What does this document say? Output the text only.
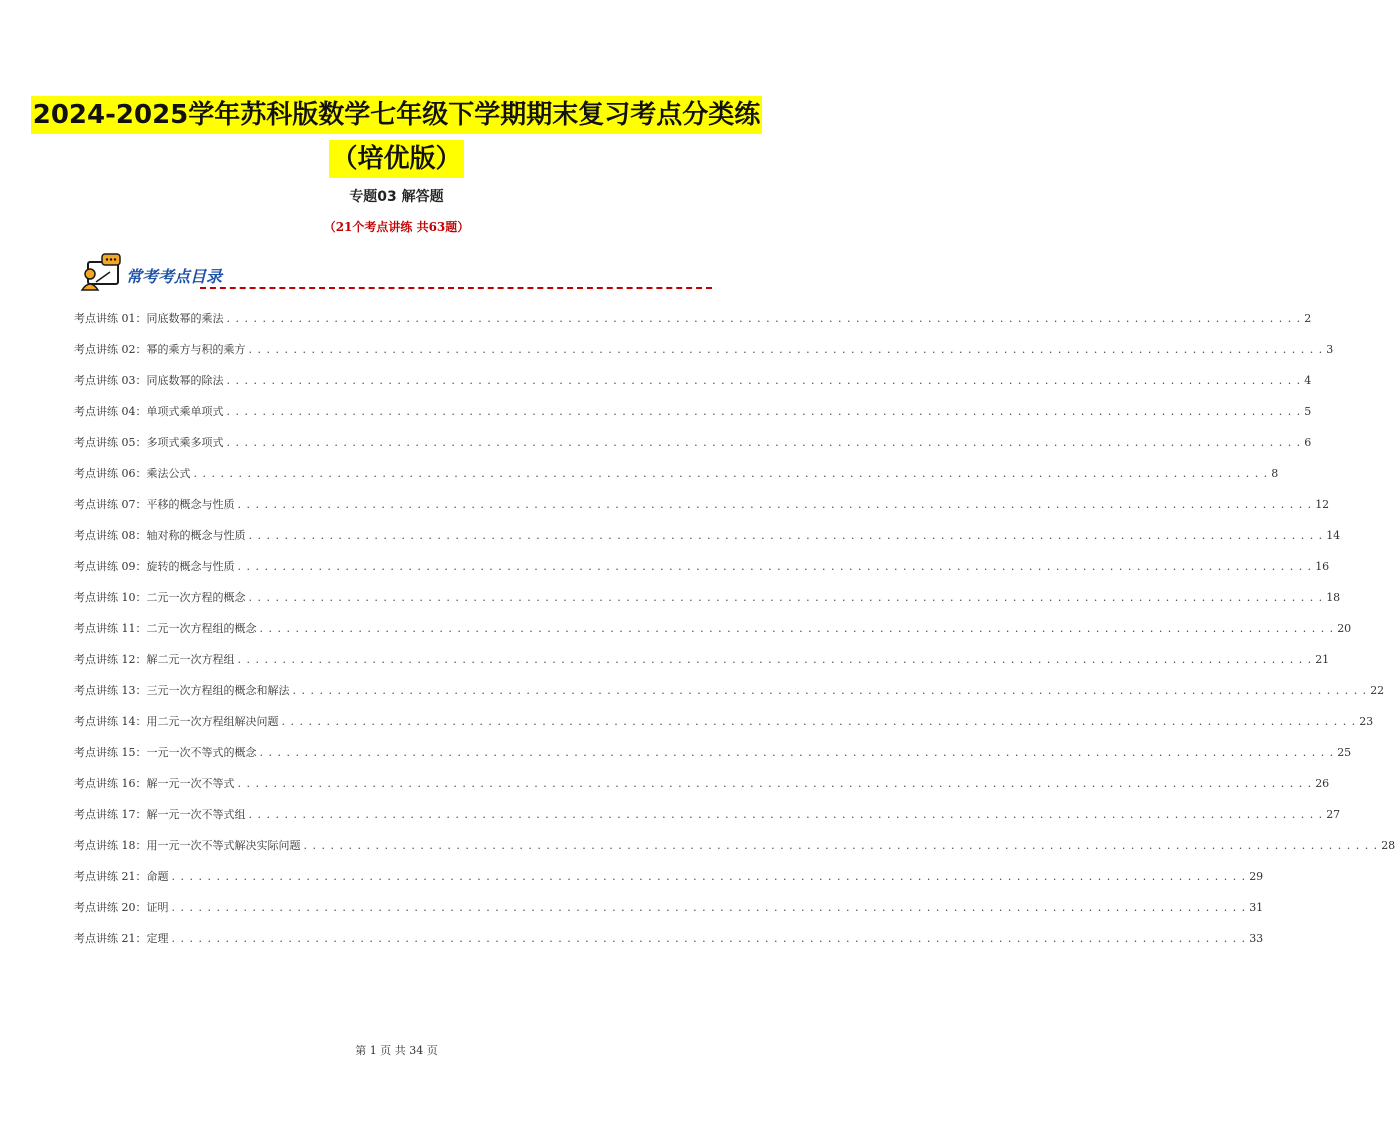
2024-2025学年苏科版数学七年级下学期期末复习考点分类练
（培优版）
专题03 解答题
（21个考点讲练 共63题）
常考考点目录
考点讲练 01： 同底数幂的乘法 . . . . . . . . . . . . . . . . . . . . . . . . . . . . . . . . . . . . . . . . . . . . . . . . . . . . . . . . . . . . . . . . . . . . . . . . . . . . . . . . . . . . . . . . . . . . . . . . . . . . . . . . . . . . . . . . . . . . . . . . 2
考点讲练 02： 幂的乘方与积的乘方 . . . . . . . . . . . . . . . . . . . . . . . . . . . . . . . . . . . . . . . . . . . . . . . . . . . . . . . . . . . . . . . . . . . . . . . . . . . . . . . . . . . . . . . . . . . . . . . . . . . . . . . . . . . . . . . . . . . . . . . . 3
考点讲练 03： 同底数幂的除法 . . . . . . . . . . . . . . . . . . . . . . . . . . . . . . . . . . . . . . . . . . . . . . . . . . . . . . . . . . . . . . . . . . . . . . . . . . . . . . . . . . . . . . . . . . . . . . . . . . . . . . . . . . . . . . . . . . . . . . . . 4
考点讲练 04： 单项式乘单项式 . . . . . . . . . . . . . . . . . . . . . . . . . . . . . . . . . . . . . . . . . . . . . . . . . . . . . . . . . . . . . . . . . . . . . . . . . . . . . . . . . . . . . . . . . . . . . . . . . . . . . . . . . . . . . . . . . . . . . . . . 5
考点讲练 05： 多项式乘多项式 . . . . . . . . . . . . . . . . . . . . . . . . . . . . . . . . . . . . . . . . . . . . . . . . . . . . . . . . . . . . . . . . . . . . . . . . . . . . . . . . . . . . . . . . . . . . . . . . . . . . . . . . . . . . . . . . . . . . . . . . 6
考点讲练 06： 乘法公式 . . . . . . . . . . . . . . . . . . . . . . . . . . . . . . . . . . . . . . . . . . . . . . . . . . . . . . . . . . . . . . . . . . . . . . . . . . . . . . . . . . . . . . . . . . . . . . . . . . . . . . . . . . . . . . . . . . . . . . . . 8
考点讲练 07： 平移的概念与性质 . . . . . . . . . . . . . . . . . . . . . . . . . . . . . . . . . . . . . . . . . . . . . . . . . . . . . . . . . . . . . . . . . . . . . . . . . . . . . . . . . . . . . . . . . . . . . . . . . . . . . . . . . . . . . . . . . . . . . . . . 12
考点讲练 08： 轴对称的概念与性质 . . . . . . . . . . . . . . . . . . . . . . . . . . . . . . . . . . . . . . . . . . . . . . . . . . . . . . . . . . . . . . . . . . . . . . . . . . . . . . . . . . . . . . . . . . . . . . . . . . . . . . . . . . . . . . . . . . . . . . . . 14
考点讲练 09： 旋转的概念与性质 . . . . . . . . . . . . . . . . . . . . . . . . . . . . . . . . . . . . . . . . . . . . . . . . . . . . . . . . . . . . . . . . . . . . . . . . . . . . . . . . . . . . . . . . . . . . . . . . . . . . . . . . . . . . . . . . . . . . . . . . 16
考点讲练 10： 二元一次方程的概念 . . . . . . . . . . . . . . . . . . . . . . . . . . . . . . . . . . . . . . . . . . . . . . . . . . . . . . . . . . . . . . . . . . . . . . . . . . . . . . . . . . . . . . . . . . . . . . . . . . . . . . . . . . . . . . . . . . . . . . . . 18
考点讲练 11： 二元一次方程组的概念 . . . . . . . . . . . . . . . . . . . . . . . . . . . . . . . . . . . . . . . . . . . . . . . . . . . . . . . . . . . . . . . . . . . . . . . . . . . . . . . . . . . . . . . . . . . . . . . . . . . . . . . . . . . . . . . . . . . . . . . . 20
考点讲练 12： 解二元一次方程组 . . . . . . . . . . . . . . . . . . . . . . . . . . . . . . . . . . . . . . . . . . . . . . . . . . . . . . . . . . . . . . . . . . . . . . . . . . . . . . . . . . . . . . . . . . . . . . . . . . . . . . . . . . . . . . . . . . . . . . . . 21
考点讲练 13： 三元一次方程组的概念和解法 . . . . . . . . . . . . . . . . . . . . . . . . . . . . . . . . . . . . . . . . . . . . . . . . . . . . . . . . . . . . . . . . . . . . . . . . . . . . . . . . . . . . . . . . . . . . . . . . . . . . . . . . . . . . . . . . . . . . . . . . 22
考点讲练 14： 用二元一次方程组解决问题 . . . . . . . . . . . . . . . . . . . . . . . . . . . . . . . . . . . . . . . . . . . . . . . . . . . . . . . . . . . . . . . . . . . . . . . . . . . . . . . . . . . . . . . . . . . . . . . . . . . . . . . . . . . . . . . . . . . . . . . . 23
考点讲练 15： 一元一次不等式的概念 . . . . . . . . . . . . . . . . . . . . . . . . . . . . . . . . . . . . . . . . . . . . . . . . . . . . . . . . . . . . . . . . . . . . . . . . . . . . . . . . . . . . . . . . . . . . . . . . . . . . . . . . . . . . . . . . . . . . . . . . 25
考点讲练 16： 解一元一次不等式 . . . . . . . . . . . . . . . . . . . . . . . . . . . . . . . . . . . . . . . . . . . . . . . . . . . . . . . . . . . . . . . . . . . . . . . . . . . . . . . . . . . . . . . . . . . . . . . . . . . . . . . . . . . . . . . . . . . . . . . . 26
考点讲练 17： 解一元一次不等式组 . . . . . . . . . . . . . . . . . . . . . . . . . . . . . . . . . . . . . . . . . . . . . . . . . . . . . . . . . . . . . . . . . . . . . . . . . . . . . . . . . . . . . . . . . . . . . . . . . . . . . . . . . . . . . . . . . . . . . . . . 27
考点讲练 18： 用一元一次不等式解决实际问题 . . . . . . . . . . . . . . . . . . . . . . . . . . . . . . . . . . . . . . . . . . . . . . . . . . . . . . . . . . . . . . . . . . . . . . . . . . . . . . . . . . . . . . . . . . . . . . . . . . . . . . . . . . . . . . . . . . . . . . . . 28
考点讲练 21： 命题 . . . . . . . . . . . . . . . . . . . . . . . . . . . . . . . . . . . . . . . . . . . . . . . . . . . . . . . . . . . . . . . . . . . . . . . . . . . . . . . . . . . . . . . . . . . . . . . . . . . . . . . . . . . . . . . . . . . . . . . . 29
考点讲练 20： 证明 . . . . . . . . . . . . . . . . . . . . . . . . . . . . . . . . . . . . . . . . . . . . . . . . . . . . . . . . . . . . . . . . . . . . . . . . . . . . . . . . . . . . . . . . . . . . . . . . . . . . . . . . . . . . . . . . . . . . . . . . 31
考点讲练 21： 定理 . . . . . . . . . . . . . . . . . . . . . . . . . . . . . . . . . . . . . . . . . . . . . . . . . . . . . . . . . . . . . . . . . . . . . . . . . . . . . . . . . . . . . . . . . . . . . . . . . . . . . . . . . . . . . . . . . . . . . . . . 33
第 1 页 共 34 页
